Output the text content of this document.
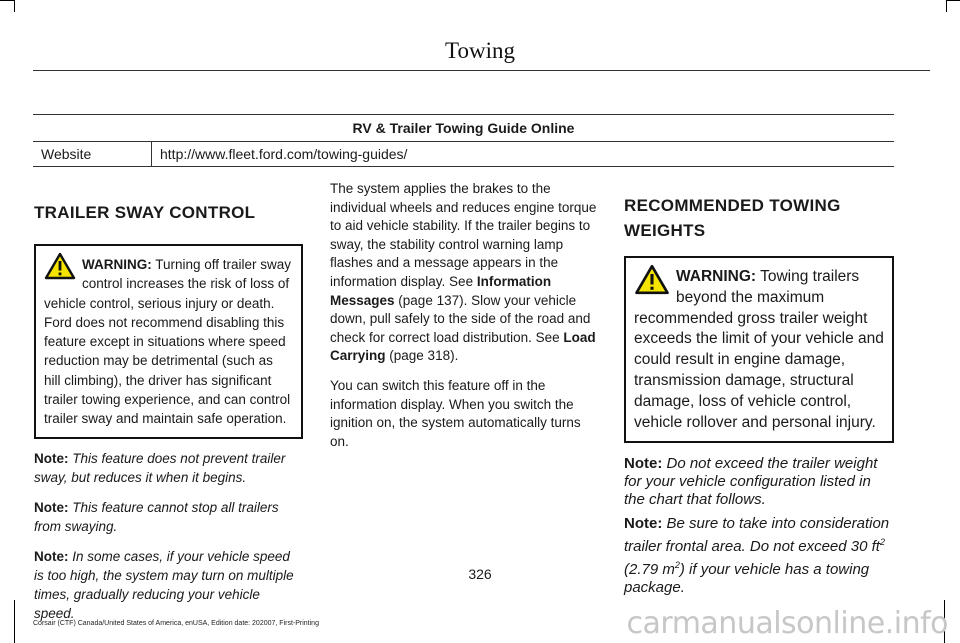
Towing
RV & Trailer Towing Guide Online
Website	http://www.fleet.ford.com/towing-guides/
TRAILER SWAY CONTROL
WARNING: Turning off trailer sway control increases the risk of loss of vehicle control, serious injury or death. Ford does not recommend disabling this feature except in situations where speed reduction may be detrimental (such as hill climbing), the driver has significant trailer towing experience, and can control trailer sway and maintain safe operation.

Note: This feature does not prevent trailer sway, but reduces it when it begins.

Note: This feature cannot stop all trailers from swaying.

Note: In some cases, if your vehicle speed is too high, the system may turn on multiple times, gradually reducing your vehicle speed.

The system applies the brakes to the individual wheels and reduces engine torque to aid vehicle stability. If the trailer begins to sway, the stability control warning lamp flashes and a message appears in the information display. See Information Messages (page 137). Slow your vehicle down, pull safely to the side of the road and check for correct load distribution. See Load Carrying (page 318).

You can switch this feature off in the information display. When you switch the ignition on, the system automatically turns on.

RECOMMENDED TOWING
WEIGHTS
WARNING: Towing trailers beyond the maximum recommended gross trailer weight exceeds the limit of your vehicle and could result in engine damage, transmission damage, structural damage, loss of vehicle control, vehicle rollover and personal injury.

Note: Do not exceed the trailer weight for your vehicle configuration listed in the chart that follows.

Note: Be sure to take into consideration trailer frontal area. Do not exceed 30 $ft^2$ (2.79 $m^2$) if your vehicle has a towing package.

326
Corsair (CTF) Canada/United States of America, enUSA, Edition date: 202007, First-Printing	carmanualsonline.info
